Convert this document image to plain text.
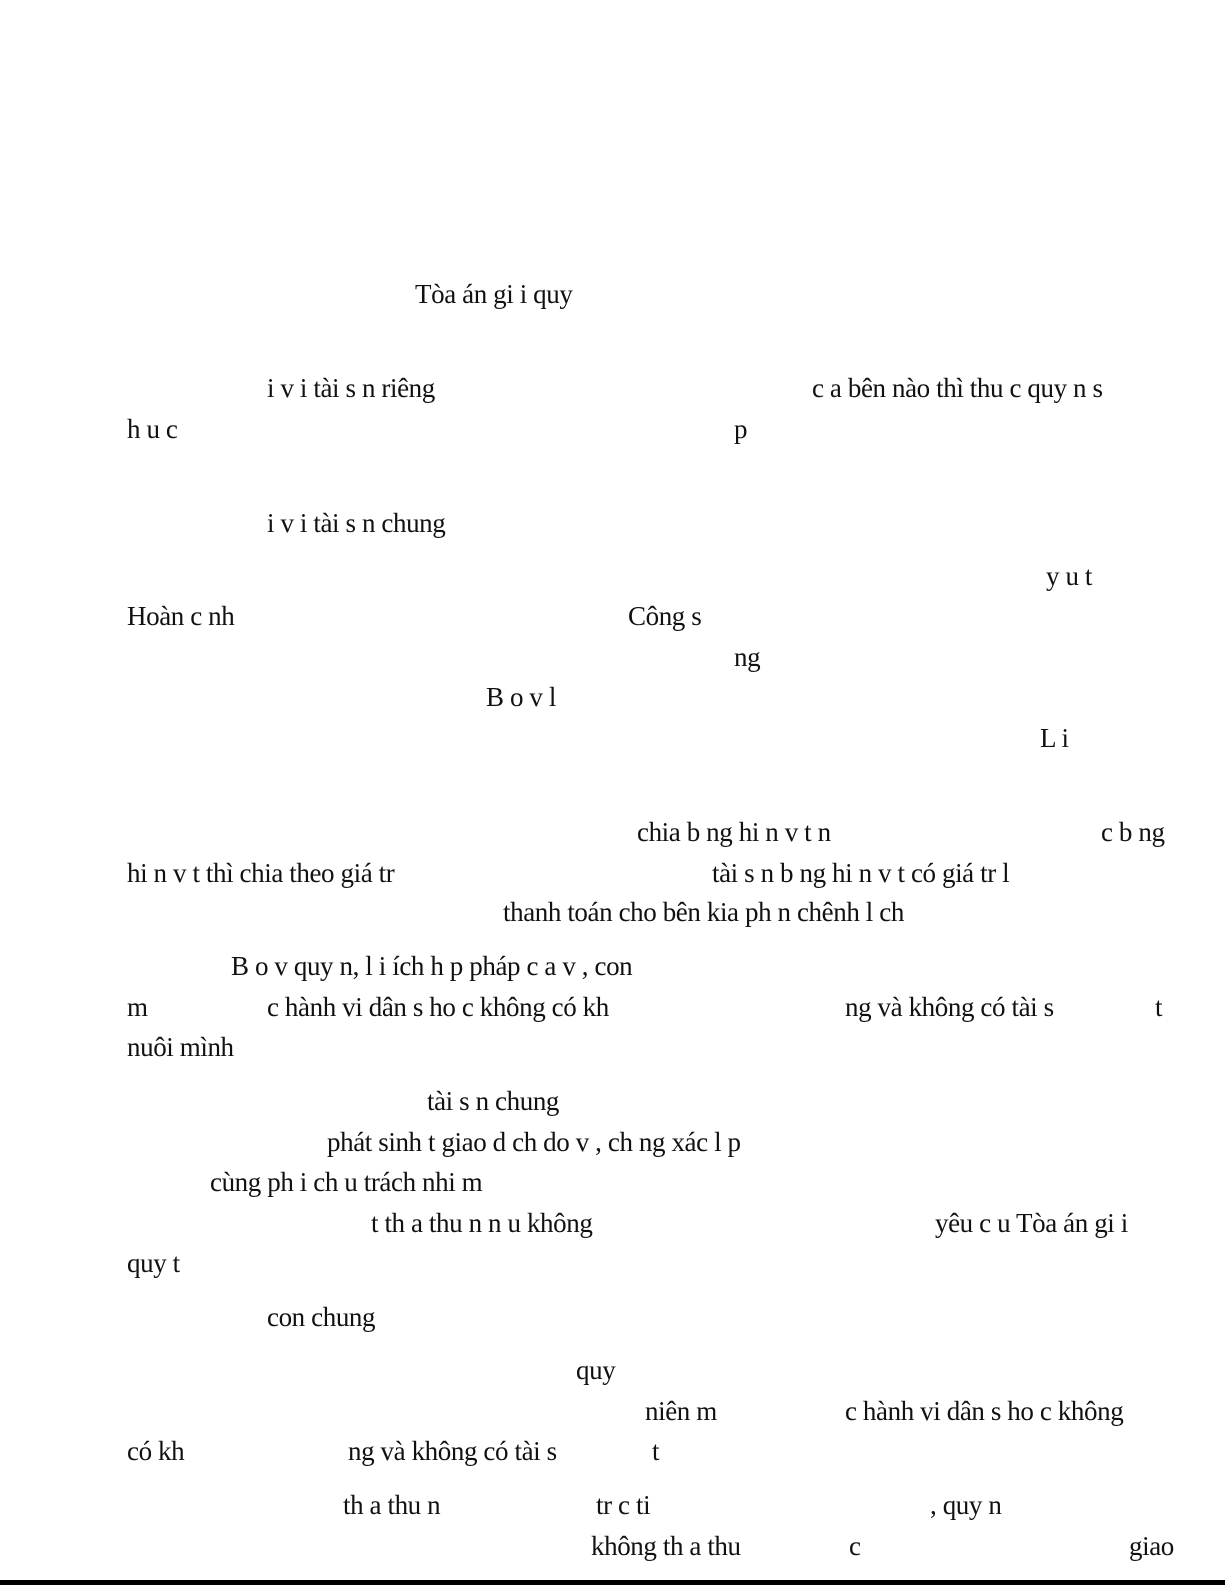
Tòa án gi i quy
i v i tài s n riêng	c a bên nào thì thu c quy n s
h u c	p
i v i tài s n chung
y u t
Hoàn c nh	Công s
ng
B o v l
L i
chia b ng hi n v t n	c b ng
hi n v t thì chia theo giá tr	tài s n b ng hi n v t có giá tr l
thanh toán cho bên kia ph n chênh l ch
B o v quy n, l i ích h p pháp c a v , con
m	c hành vi dân s ho c không có kh	ng và không có tài s	t
nuôi mình
tài s n chung
phát sinh t giao d ch do v , ch ng xác l p
cùng ph i ch u trách nhi m
t th a thu n n u không	yêu c u Tòa án gi i
quy t
con chung
quy
niên m	c hành vi dân s ho c không
có kh	ng và không có tài s	t
th a thu n	tr c ti	, quy n
không th a thu	c	giao
